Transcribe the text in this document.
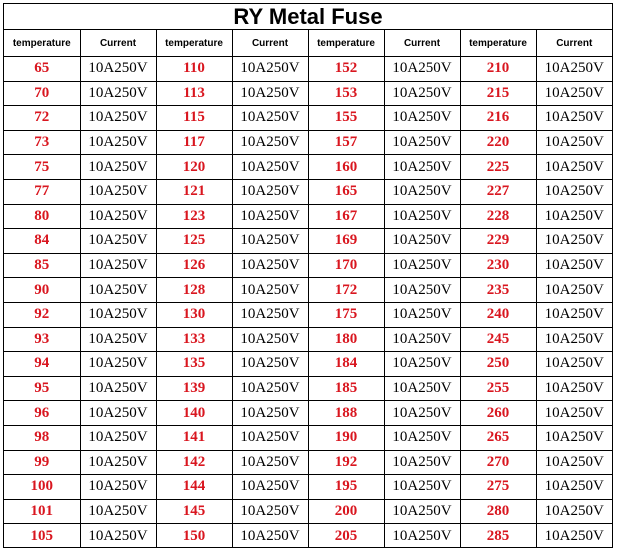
RY Metal Fuse
temperature	Current	temperature	Current	temperature	Current	temperature	Current
65	10A250V	110	10A250V	152	10A250V	210	10A250V
70	10A250V	113	10A250V	153	10A250V	215	10A250V
72	10A250V	115	10A250V	155	10A250V	216	10A250V
73	10A250V	117	10A250V	157	10A250V	220	10A250V
75	10A250V	120	10A250V	160	10A250V	225	10A250V
77	10A250V	121	10A250V	165	10A250V	227	10A250V
80	10A250V	123	10A250V	167	10A250V	228	10A250V
84	10A250V	125	10A250V	169	10A250V	229	10A250V
85	10A250V	126	10A250V	170	10A250V	230	10A250V
90	10A250V	128	10A250V	172	10A250V	235	10A250V
92	10A250V	130	10A250V	175	10A250V	240	10A250V
93	10A250V	133	10A250V	180	10A250V	245	10A250V
94	10A250V	135	10A250V	184	10A250V	250	10A250V
95	10A250V	139	10A250V	185	10A250V	255	10A250V
96	10A250V	140	10A250V	188	10A250V	260	10A250V
98	10A250V	141	10A250V	190	10A250V	265	10A250V
99	10A250V	142	10A250V	192	10A250V	270	10A250V
100	10A250V	144	10A250V	195	10A250V	275	10A250V
101	10A250V	145	10A250V	200	10A250V	280	10A250V
105	10A250V	150	10A250V	205	10A250V	285	10A250V
